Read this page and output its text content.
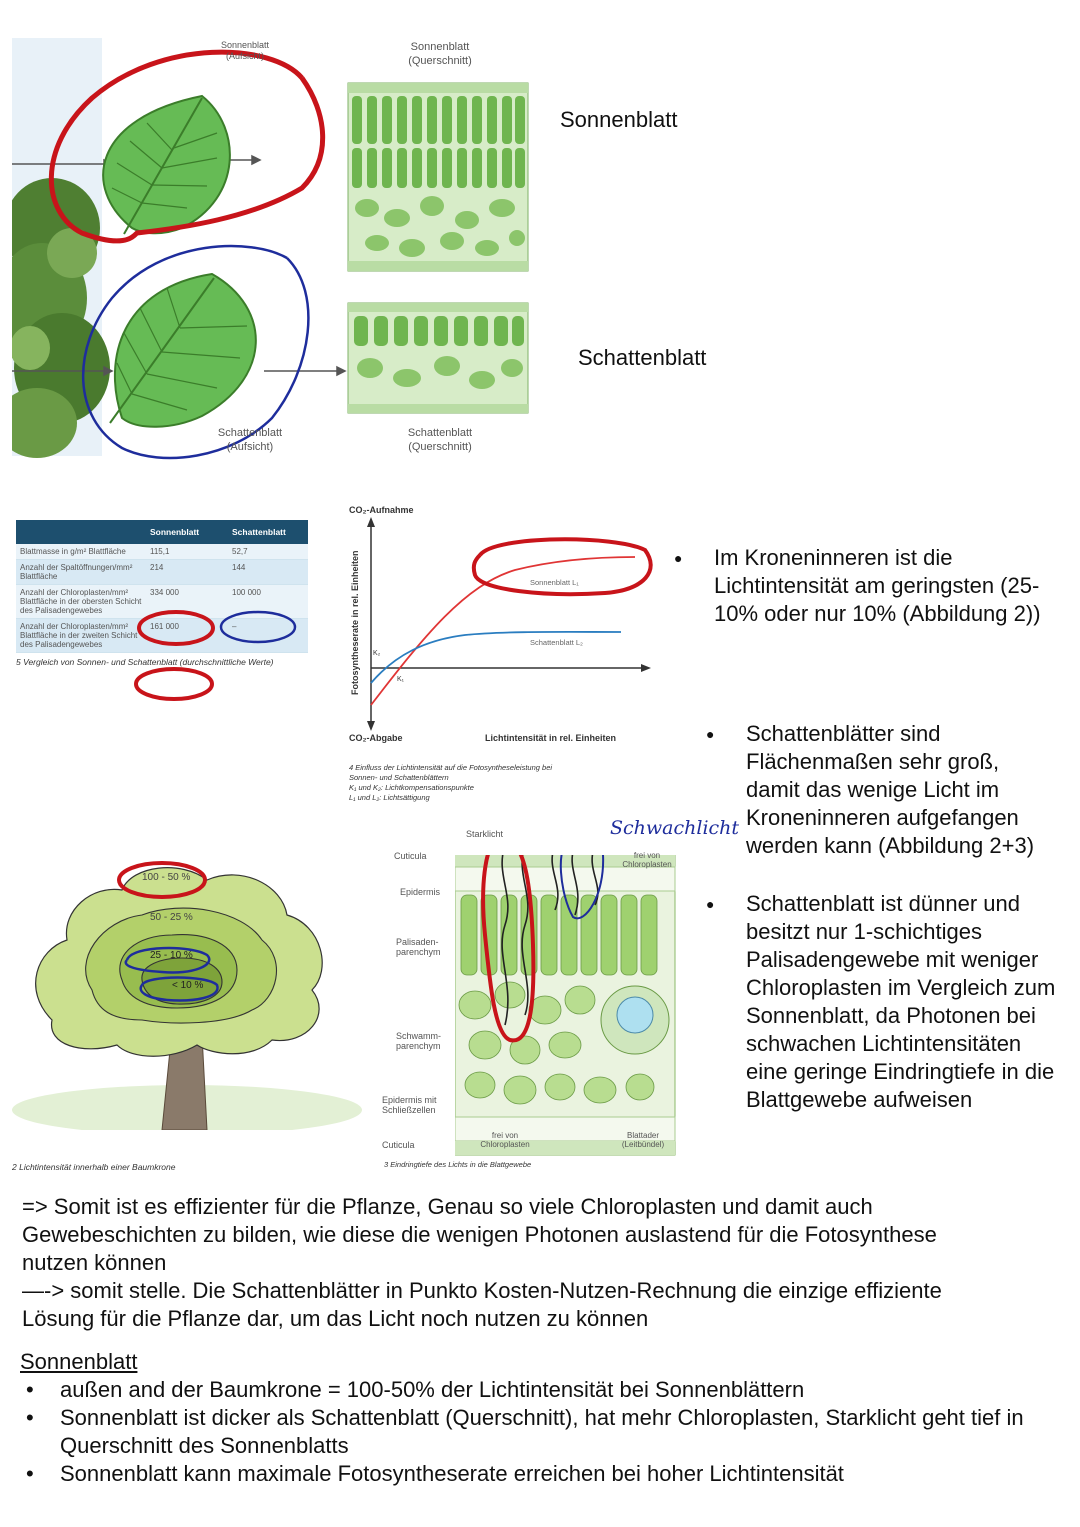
Sonnenblatt
(Aufsicht)
Sonnenblatt
(Querschnitt)
Schattenblatt
(Aufsicht)
Schattenblatt
(Querschnitt)
Sonnenblatt
Schattenblatt
	Sonnenblatt	Schattenblatt
Blattmasse in g/m² Blattfläche	115,1	52,7
Anzahl der Spaltöffnungen/mm² Blattfläche	214	144
Anzahl der Chloroplasten/mm² Blattfläche in der obersten Schicht des Palisadengewebes	334 000	100 000
Anzahl der Chloroplasten/mm² Blattfläche in der zweiten Schicht des Palisadengewebes	161 000	–
5 Vergleich von Sonnen- und Schattenblatt (durchschnittliche Werte)
CO₂-Aufnahme
CO₂-Abgabe	Lichtintensität in rel. Einheiten
Fotosyntheserate in rel. Einheiten K₂
K₁
Sonnenblatt L₁
Schattenblatt L₂
4 Einfluss der Lichtintensität auf die Fotosyntheseleistung bei
Sonnen- und Schattenblättern
K₁ und K₂: Lichtkompensationspunkte
L₁ und L₂: Lichtsättigung
100 - 50 %
50 - 25 %
25 - 10 %
< 10 %
2 Lichtintensität innerhalb einer Baumkrone
Starklicht	Schwachlicht
Cuticula
Epidermis
Palisaden-parenchym
Schwamm-parenchym
Epidermis mit Schließzellen
Cuticula
frei von Chloroplasten
frei von Chloroplasten
Blattader (Leitbündel)
3 Eindringtiefe des Lichts in die Blattgewebe
● Im Kroneninneren ist die Lichtintensität am geringsten (25-10% oder nur 10% (Abbildung 2))
● Schattenblätter sind Flächenmaßen sehr groß, damit das wenige Licht im Kroneninneren aufgefangen werden kann (Abbildung 2+3)
● Schattenblatt ist dünner und besitzt nur 1-schichtiges Palisadengewebe mit weniger Chloroplasten im Vergleich zum Sonnenblatt, da Photonen bei schwachen Lichtintensitäten eine geringe Eindringtiefe in die Blattgewebe aufweisen
=> Somit ist es effizienter für die Pflanze, Genau so viele Chloroplasten und damit auch Gewebeschichten zu bilden, wie diese die wenigen Photonen auslastend für die Fotosynthese nutzen können
—-> somit stelle. Die Schattenblätter in Punkto Kosten-Nutzen-Rechnung die einzige effiziente Lösung für die Pflanze dar, um das Licht noch nutzen zu können
Sonnenblatt
• außen and der Baumkrone = 100-50% der Lichtintensität bei Sonnenblättern
• Sonnenblatt ist dicker als Schattenblatt (Querschnitt), hat mehr Chloroplasten, Starklicht geht tief in Querschnitt des Sonnenblatts
• Sonnenblatt kann maximale Fotosyntheserate erreichen bei hoher Lichtintensität
